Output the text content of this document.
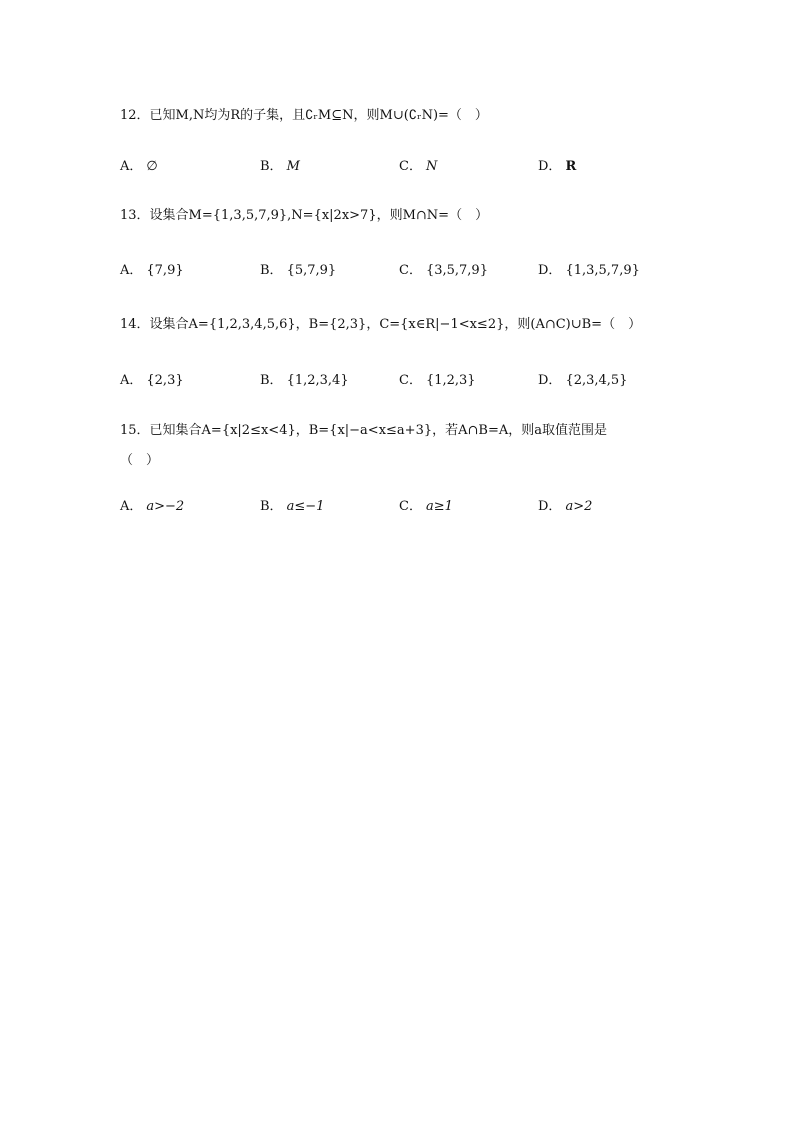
12．已知M,N均为R的子集，且∁ᵣM⊆N，则M∪(∁ᵣN)=（　）
A． ∅	B． M	C． N	D． R
13．设集合M={1,3,5,7,9},N={x|2x>7}，则M∩N=（　）
A． {7,9}	B． {5,7,9}	C． {3,5,7,9}	D． {1,3,5,7,9}
14．设集合A={1,2,3,4,5,6}，B={2,3}，C={x∈R|−1<x≤2}，则(A∩C)∪B=（　）
A． {2,3}	B． {1,2,3,4}	C． {1,2,3}	D． {2,3,4,5}
15．已知集合A={x|2≤x<4}，B={x|−a<x≤a+3}，若A∩B=A，则a取值范围是
（　）
A． a>−2	B． a≤−1	C． a≥1	D． a>2
